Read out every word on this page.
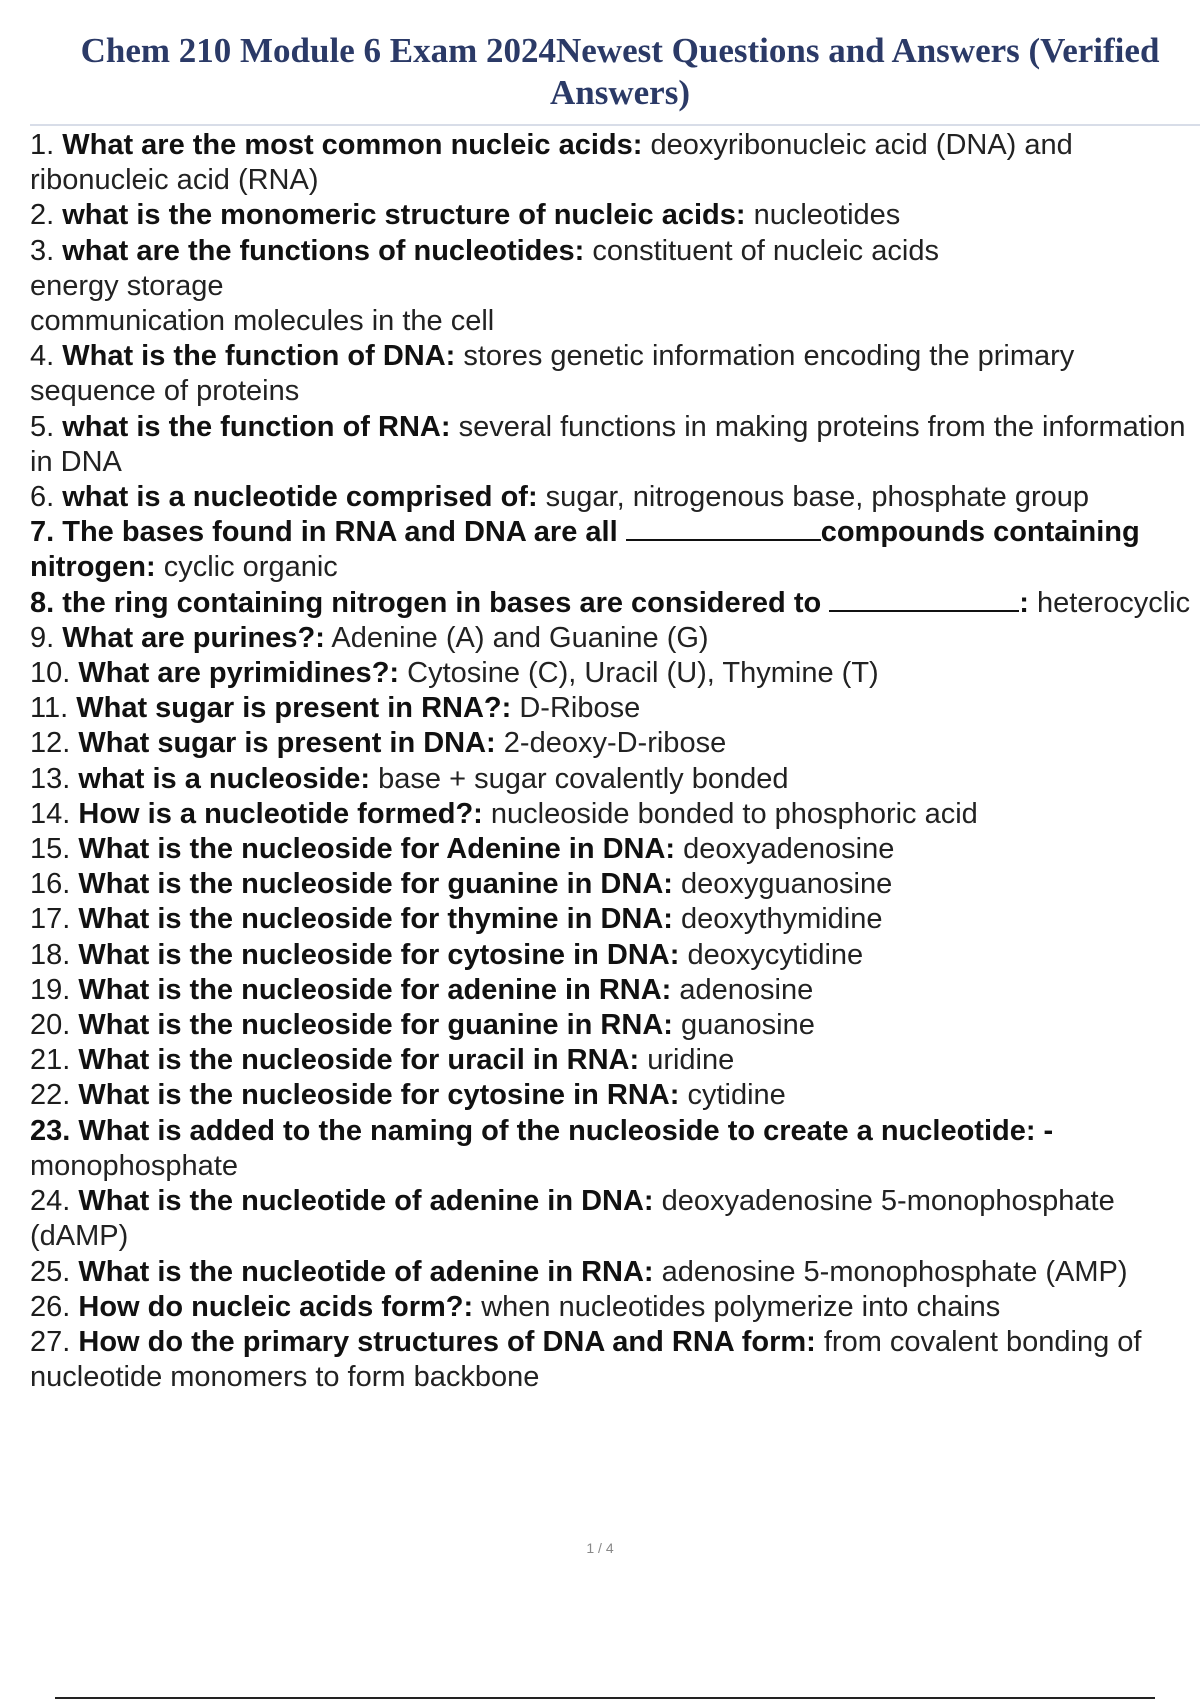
Chem 210 Module 6 Exam 2024Newest Questions and Answers (Verified Answers)
1. What are the most common nucleic acids: deoxyribonucleic acid (DNA) and ribonucleic acid (RNA)
2. what is the monomeric structure of nucleic acids: nucleotides
3. what are the functions of nucleotides: constituent of nucleic acids
energy storage
communication molecules in the cell
4. What is the function of DNA: stores genetic information encoding the primary sequence of proteins
5. what is the function of RNA: several functions in making proteins from the information in DNA
6. what is a nucleotide comprised of: sugar, nitrogenous base, phosphate group
7. The bases found in RNA and DNA are all	compounds containing nitrogen: cyclic organic
8. the ring containing nitrogen in bases are considered to	: heterocyclic
9. What are purines?: Adenine (A) and Guanine (G)
10. What are pyrimidines?: Cytosine (C), Uracil (U), Thymine (T)
11. What sugar is present in RNA?: D-Ribose
12. What sugar is present in DNA: 2-deoxy-D-ribose
13. what is a nucleoside: base + sugar covalently bonded
14. How is a nucleotide formed?: nucleoside bonded to phosphoric acid
15. What is the nucleoside for Adenine in DNA: deoxyadenosine
16. What is the nucleoside for guanine in DNA: deoxyguanosine
17. What is the nucleoside for thymine in DNA: deoxythymidine
18. What is the nucleoside for cytosine in DNA: deoxycytidine
19. What is the nucleoside for adenine in RNA: adenosine
20. What is the nucleoside for guanine in RNA: guanosine
21. What is the nucleoside for uracil in RNA: uridine
22. What is the nucleoside for cytosine in RNA: cytidine
23. What is added to the naming of the nucleoside to create a nucleotide: - monophosphate
24. What is the nucleotide of adenine in DNA: deoxyadenosine 5-monophosphate (dAMP)
25. What is the nucleotide of adenine in RNA: adenosine 5-monophosphate (AMP)
26. How do nucleic acids form?: when nucleotides polymerize into chains
27. How do the primary structures of DNA and RNA form: from covalent bonding of nucleotide monomers to form backbone
1 / 4
